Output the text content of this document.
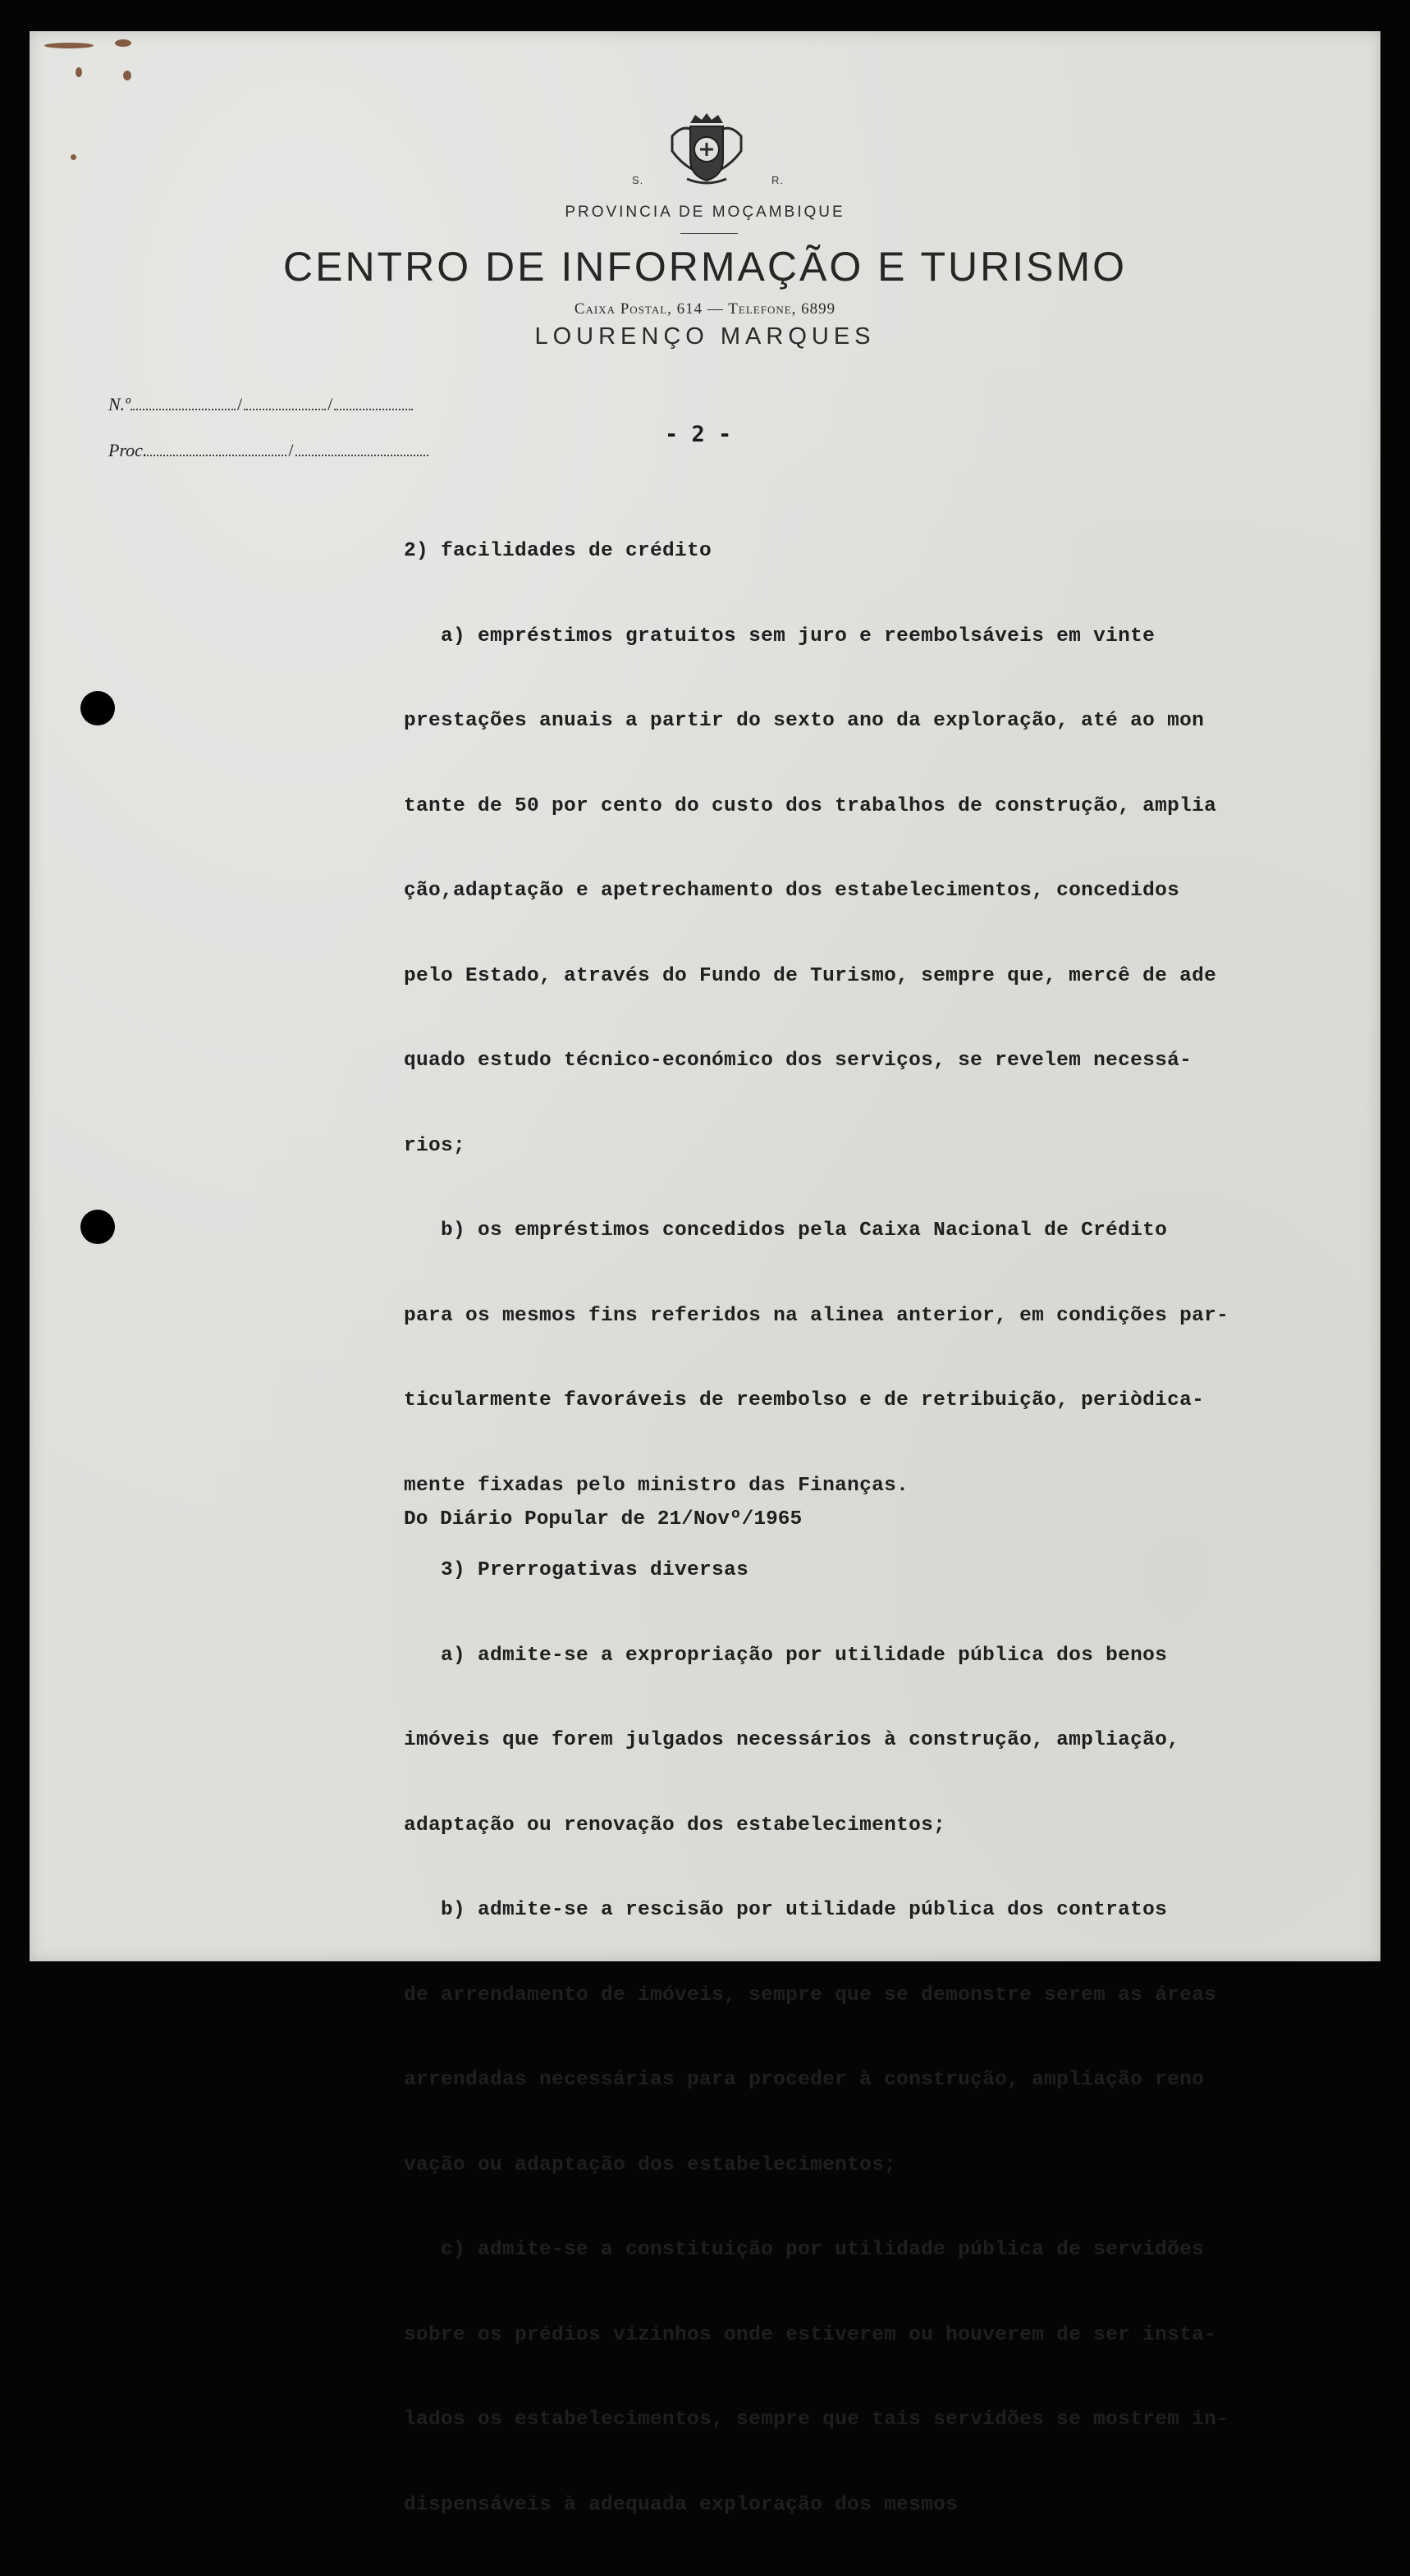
S.	R.
PROVINCIA DE MOÇAMBIQUE
CENTRO DE INFORMAÇÃO E TURISMO
Caixa Postal, 614 — Telefone, 6899
LOURENÇO MARQUES
N.º	/	/
Proc.	/
- 2 -

2) facilidades de crédito

a) empréstimos gratuitos sem juro e reembolsáveis em vinte

prestações anuais a partir do sexto ano da exploração, até ao mon

tante de 50 por cento do custo dos trabalhos de construção, amplia

ção,adaptação e apetrechamento dos estabelecimentos, concedidos

pelo Estado, através do Fundo de Turismo, sempre que, mercê de ade

quado estudo técnico-económico dos serviços, se revelem necessá-

rios;

b) os empréstimos concedidos pela Caixa Nacional de Crédito

para os mesmos fins referidos na alinea anterior, em condições par-

ticularmente favoráveis de reembolso e de retribuição, periòdica-

mente fixadas pelo ministro das Finanças.

3) Prerrogativas diversas

a) admite-se a expropriação por utilidade pública dos benos

imóveis que forem julgados necessários à construção, ampliação,

adaptação ou renovação dos estabelecimentos;

b) admite-se a rescisão por utilidade pública dos contratos

de arrendamento de imóveis, sempre que se demonstre serem as áreas

arrendadas necessárias para proceder à construção, ampliação reno

vação ou adaptação dos estabelecimentos;

c) admite-se a constituição por utilidade pública de servidões

sobre os prédios vizinhos onde estiverem ou houverem de ser insta-

lados os estabelecimentos, sempre que tais servidões se mostrem in-

dispensáveis à adequada exploração dos mesmos

Do Diário Popular de 21/Novº/1965
